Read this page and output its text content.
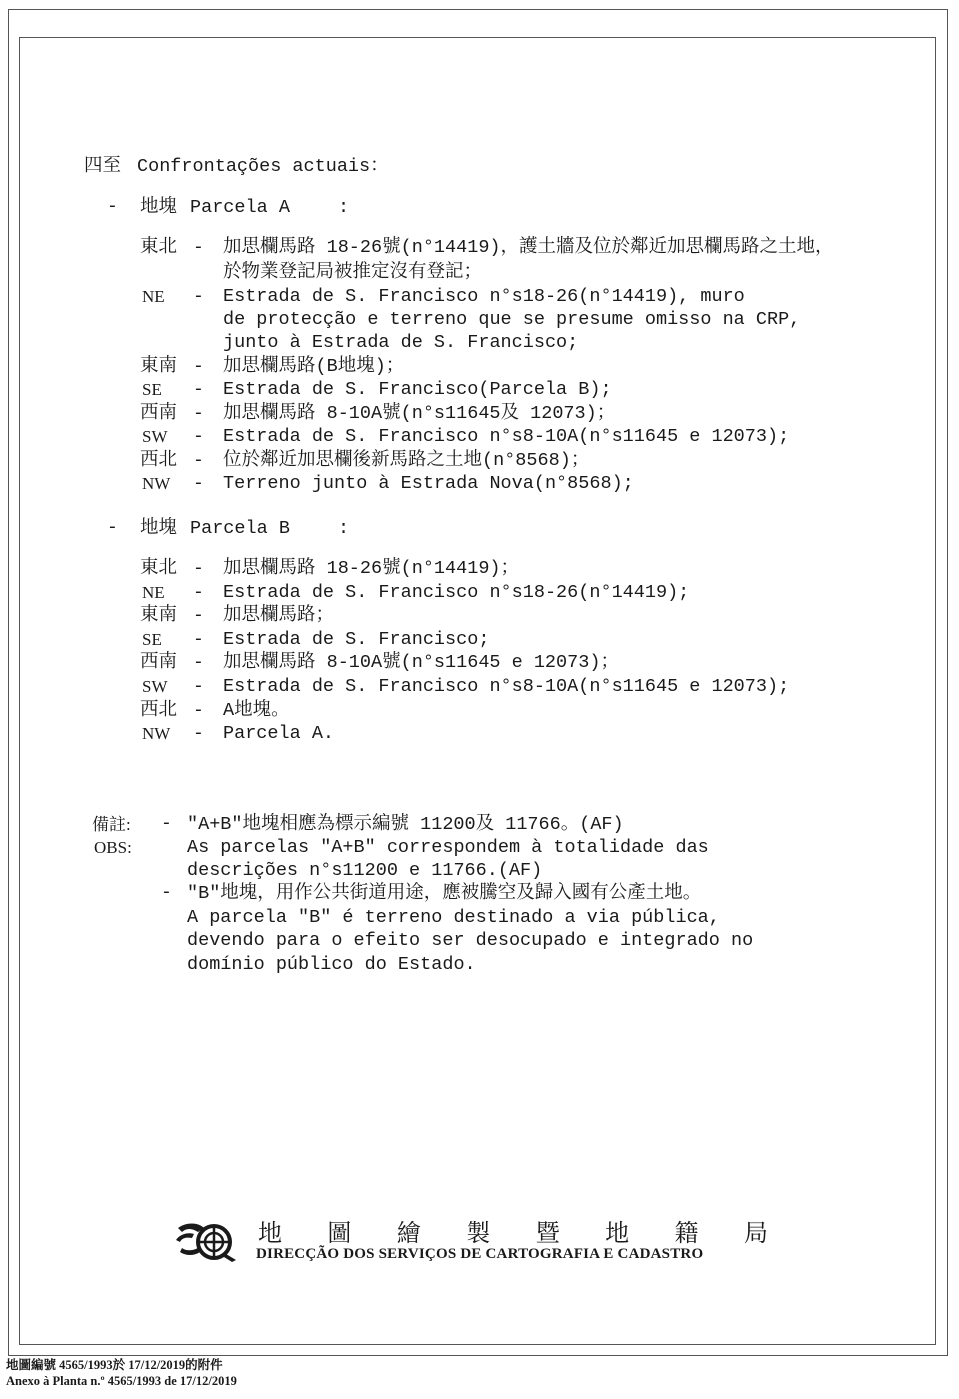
四至 Confrontações actuais：
- 地塊 Parcela A	:
東北 - 加思欄馬路 18-26號(n°14419)，護土牆及位於鄰近加思欄馬路之土地，
於物業登記局被推定沒有登記；
NE - Estrada de S. Francisco n°s18-26(n°14419), muro
de protecção e terreno que se presume omisso na CRP,
junto à Estrada de S. Francisco;
東南 - 加思欄馬路(B地塊)；
SE - Estrada de S. Francisco(Parcela B);
西南 - 加思欄馬路 8-10A號(n°s11645及 12073)；
SW - Estrada de S. Francisco n°s8-10A(n°s11645 e 12073);
西北 - 位於鄰近加思欄後新馬路之土地(n°8568)；
NW - Terreno junto à Estrada Nova(n°8568);
- 地塊 Parcela B	:
東北 - 加思欄馬路 18-26號(n°14419)；
NE - Estrada de S. Francisco n°s18-26(n°14419);
東南 - 加思欄馬路；
SE - Estrada de S. Francisco;
西南 - 加思欄馬路 8-10A號(n°s11645 e 12073)；
SW - Estrada de S. Francisco n°s8-10A(n°s11645 e 12073);
西北 - A地塊。
NW - Parcela A.
備註:
OBS:
- "A+B"地塊相應為標示編號 11200及 11766。(AF)
As parcelas "A+B" correspondem à totalidade das
descrições n°s11200 e 11766.(AF)
- "B"地塊，用作公共街道用途，應被騰空及歸入國有公產土地。
A parcela "B" é terreno destinado a via pública,
devendo para o efeito ser desocupado e integrado no
domínio público do Estado.
地 圖 繪 製 暨 地 籍 局
DIRECÇÃO DOS SERVIÇOS DE CARTOGRAFIA E CADASTRO
地圖編號 4565/1993於 17/12/2019的附件
Anexo à Planta n.º 4565/1993 de 17/12/2019
